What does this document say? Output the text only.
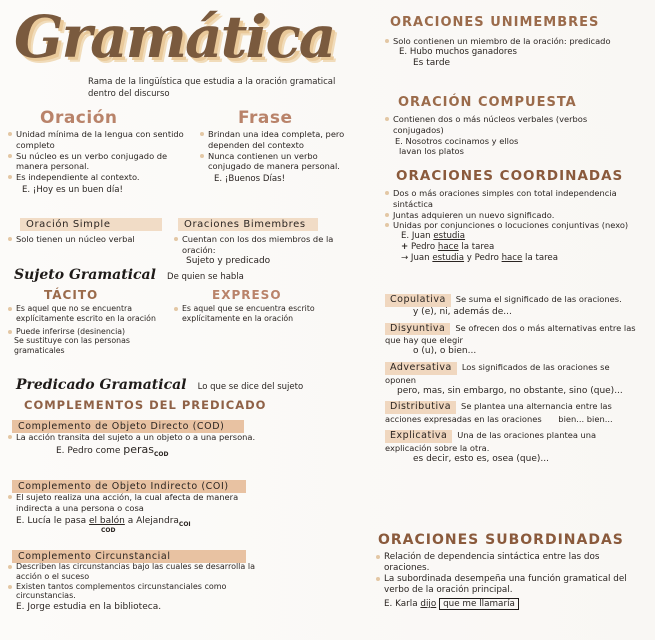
Gramática
Rama de la lingüística que estudia a la oración gramatical dentro del discurso
Oración
Unidad mínima de la lengua con sentido completo
Su núcleo es un verbo conjugado de manera personal.
Es independiente al contexto.
E. ¡Hoy es un buen día!
Frase
Brindan una idea completa, pero dependen del contexto
Nunca contienen un verbo conjugado de manera personal.
E. ¡Buenos Días!
Oración Simple
Solo tienen un núcleo verbal
Oraciones Bimembres
Cuentan con los dos miembros de la oración:
Sujeto y predicado
Sujeto Gramatical De quien se habla
TÁCITO
Es aquel que no se encuentra explícitamente escrito en la oración
Puede inferirse (desinencia)
Se sustituye con las personas gramaticales
EXPRESO
Es aquel que se encuentra escrito explícitamente en la oración
Predicado Gramatical Lo que se dice del sujeto
COMPLEMENTOS DEL PREDICADO
Complemento de Objeto Directo (COD)
La acción transita del sujeto a un objeto o a una persona.
E. Pedro come peras$_{COD}$
Complemento de Objeto Indirecto (COI)
El sujeto realiza una acción, la cual afecta de manera indirecta a una persona o cosa
E. Lucía le pasa el balón
COD
a Alejandra$_{COI}$
Complemento Circunstancial
Describen las circunstancias bajo las cuales se desarrolla la acción o el suceso
Existen tantos complementos circunstanciales como circunstancias.
E. Jorge estudia en la biblioteca.
ORACIONES UNIMEMBRES
Solo contienen un miembro de la oración: predicado
E. Hubo muchos ganadores
Es tarde
ORACIÓN COMPUESTA
Contienen dos o más núcleos verbales (verbos conjugados)
E. Nosotros cocinamos y ellos
lavan los platos
ORACIONES COORDINADAS
Dos o más oraciones simples con total independencia sintáctica
Juntas adquieren un nuevo significado.
Unidas por conjunciones o locuciones conjuntivas (nexo)
E. Juan estudia
+ Pedro hace la tarea
→ Juan estudia y Pedro hace la tarea
Copulativa Se suma el significado de las oraciones.
y (e), ni, además de...
Disyuntiva Se ofrecen dos o más alternativas entre las que hay que elegir
o (u), o bien...
Adversativa Los significados de las oraciones se oponen
pero, mas, sin embargo, no obstante, sino (que)...
Distributiva Se plantea una alternancia entre las acciones expresadas en las oraciones bien... bien...
Explicativa Una de las oraciones plantea una explicación sobre la otra.
es decir, esto es, osea (que)...
ORACIONES SUBORDINADAS
Relación de dependencia sintáctica entre las dos oraciones.
La subordinada desempeña una función gramatical del verbo de la oración principal.
E. Karla dijo que me llamaría
